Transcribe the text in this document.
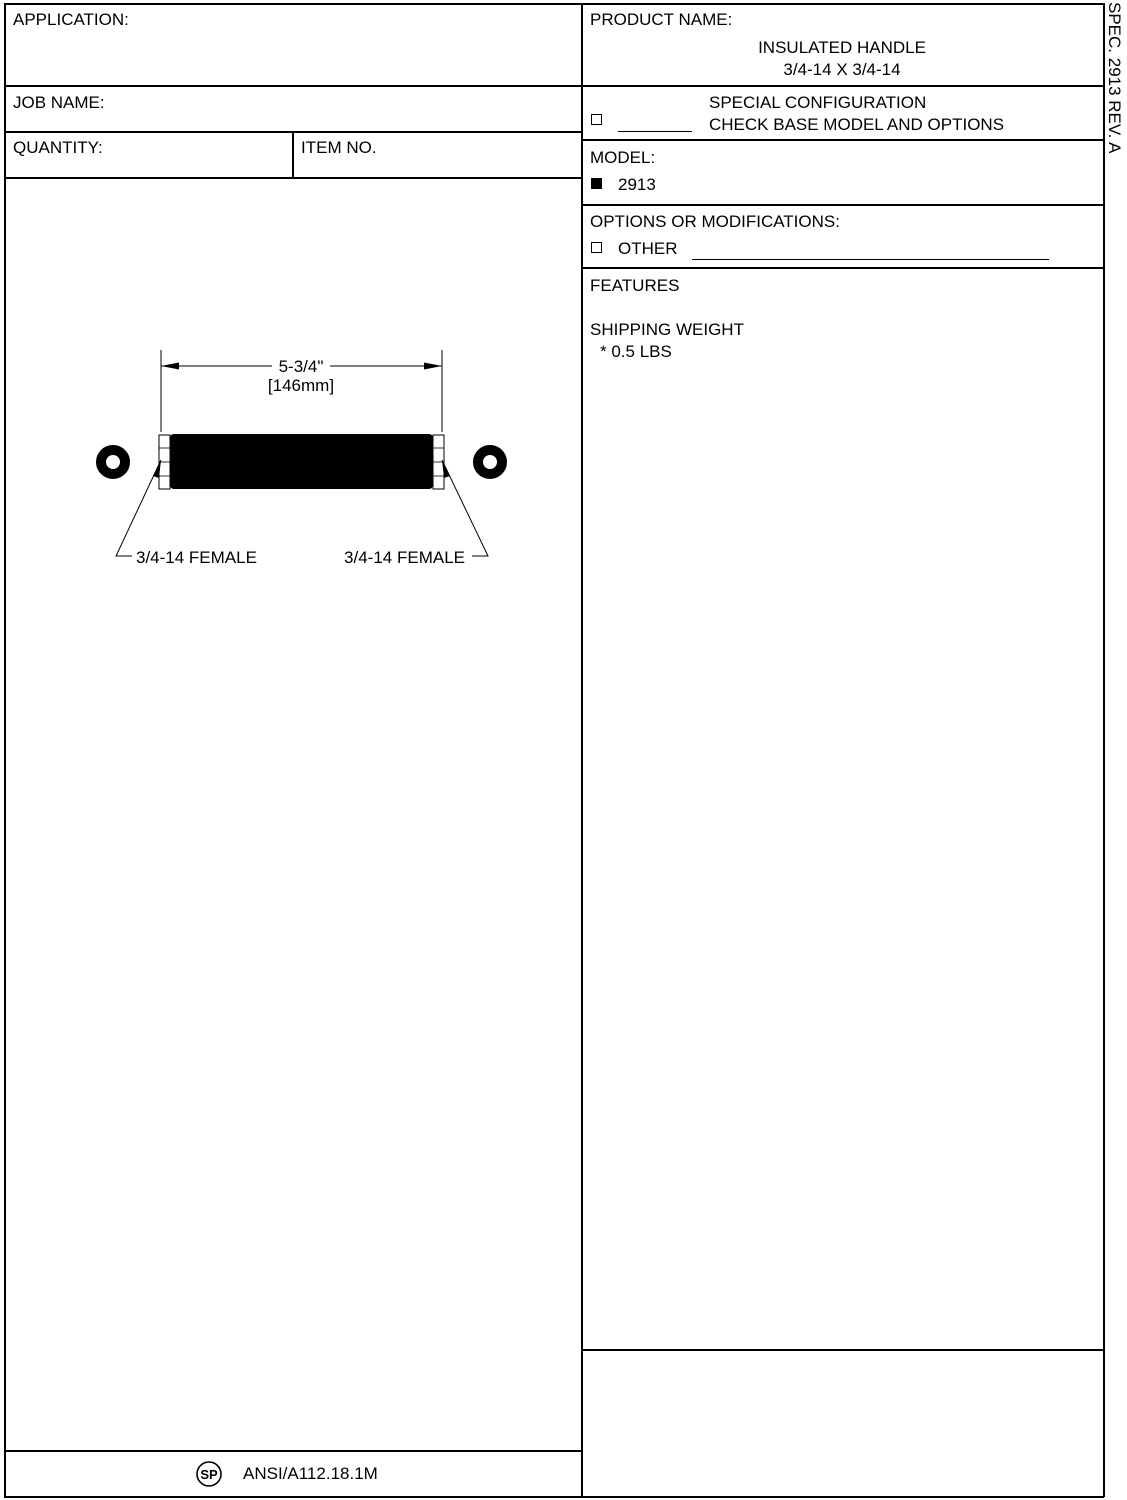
APPLICATION:
JOB NAME:
QUANTITY:	ITEM NO.
PRODUCT NAME:
INSULATED HANDLE
3/4-14 X 3/4-14
SPECIAL CONFIGURATION
CHECK BASE MODEL AND OPTIONS
MODEL:
2913
OPTIONS OR MODIFICATIONS:
OTHER
FEATURES
SHIPPING WEIGHT
* 0.5 LBS
SPEC. 2913 REV. A
5-3/4"
[146mm]
3/4-14 FEMALE	3/4-14 FEMALE
SP ANSI/A112.18.1M
